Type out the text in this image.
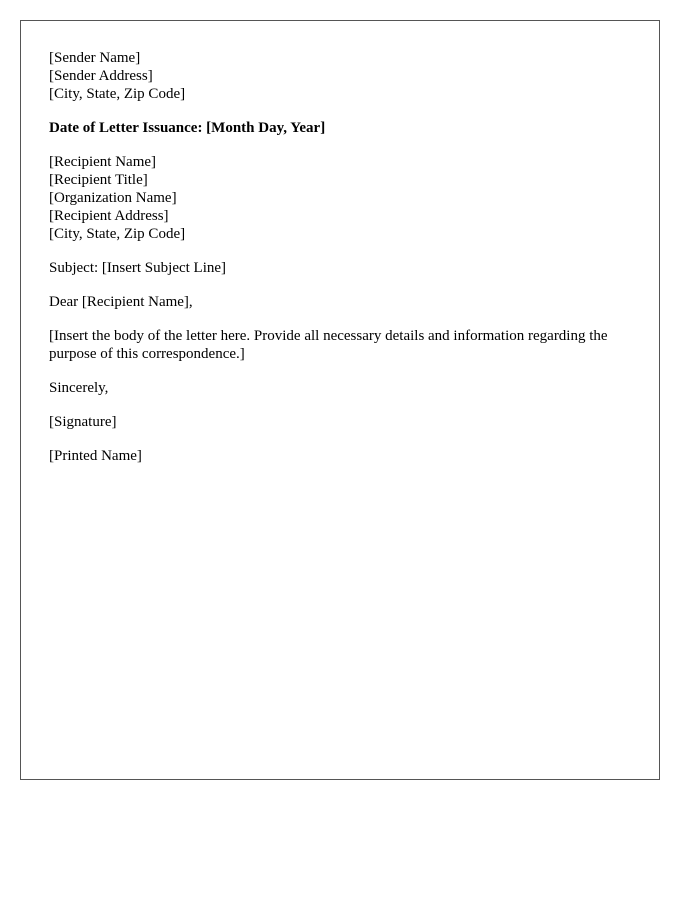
[Sender Name]
[Sender Address]
[City, State, Zip Code]
Date of Letter Issuance: [Month Day, Year]
[Recipient Name]
[Recipient Title]
[Organization Name]
[Recipient Address]
[City, State, Zip Code]
Subject: [Insert Subject Line]
Dear [Recipient Name],

[Insert the body of the letter here. Provide all necessary details and information regarding the purpose of this correspondence.]

Sincerely,
[Signature]
[Printed Name]
